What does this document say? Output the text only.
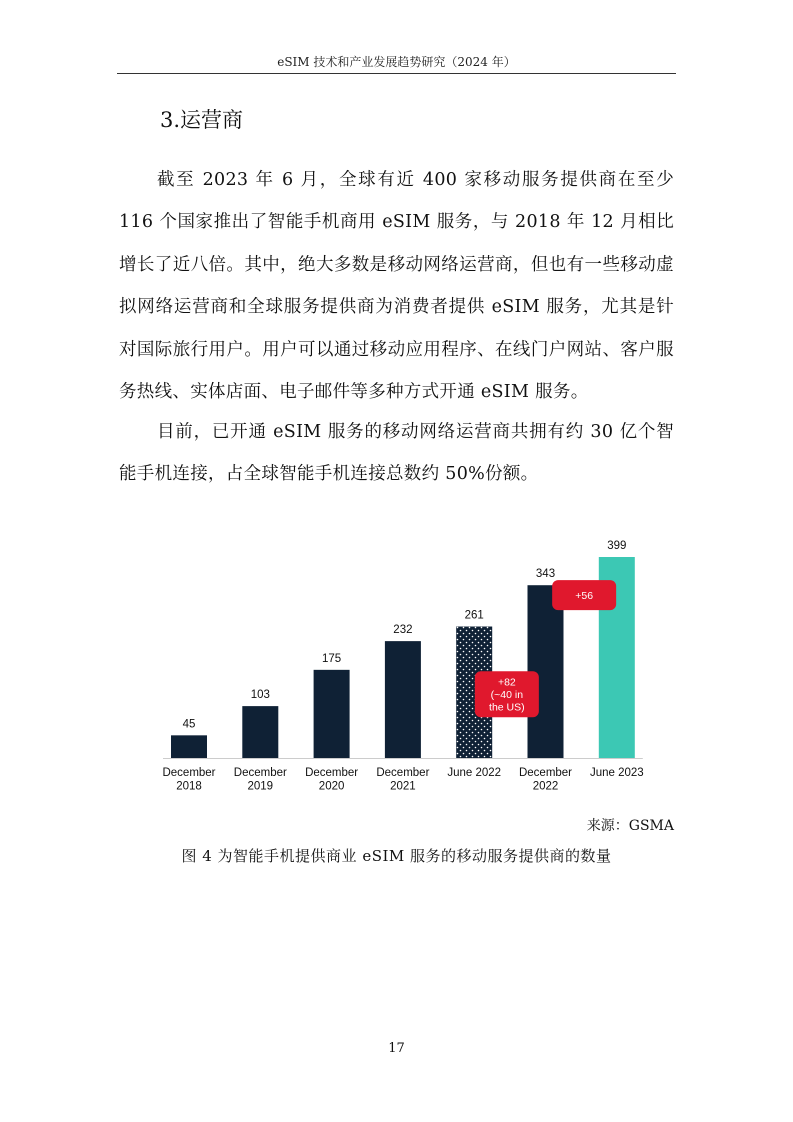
eSIM 技术和产业发展趋势研究（2024 年）
3.运营商

截至 2023 年 6 月，全球有近 400 家移动服务提供商在至少 116 个国家推出了智能手机商用 eSIM 服务，与 2018 年 12 月相比增长了近八倍。其中，绝大多数是移动网络运营商，但也有一些移动虚拟网络运营商和全球服务提供商为消费者提供 eSIM 服务，尤其是针对国际旅行用户。用户可以通过移动应用程序、在线门户网站、客户服务热线、实体店面、电子邮件等多种方式开通 eSIM 服务。

目前，已开通 eSIM 服务的移动网络运营商共拥有约 30 亿个智能手机连接，占全球智能手机连接总数约 50%份额。

45
103
175
232
261
343
399
+82
(~40 in
the US)
+56
December
2018
December
2019
December
2020
December
2021
June 2022 December
2022
June 2023
来源：GSMA
图 4 为智能手机提供商业 eSIM 服务的移动服务提供商的数量
17
